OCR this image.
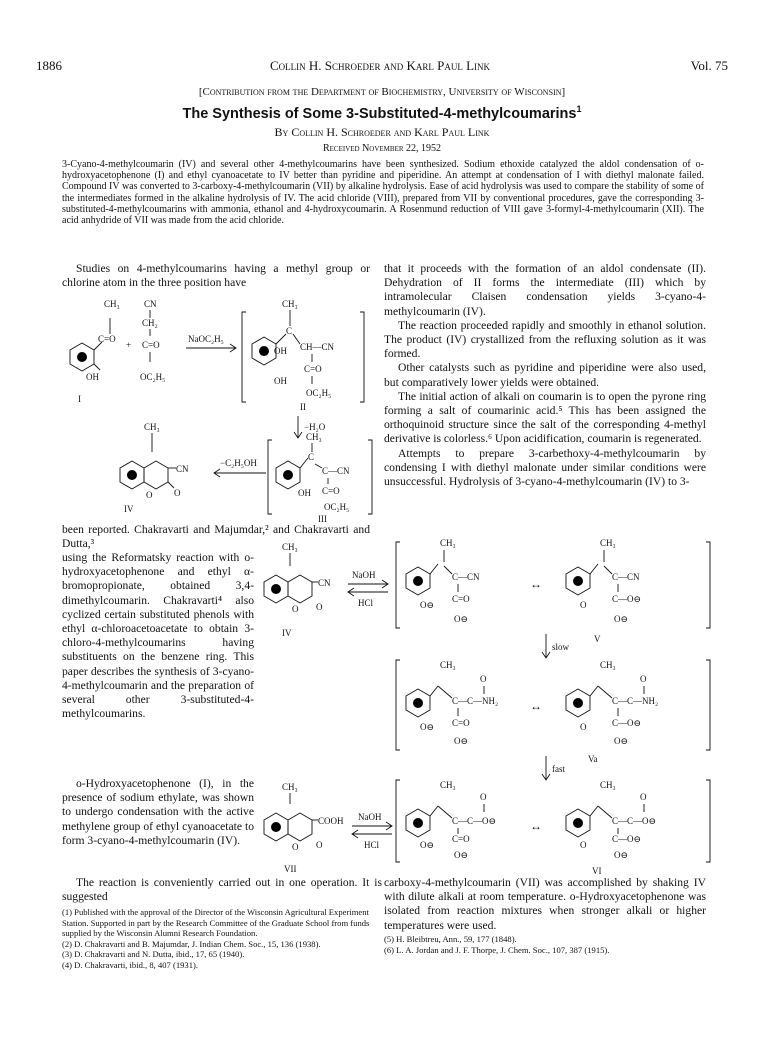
1886	Collin H. Schroeder and Karl Paul Link	Vol. 75
[Contribution from the Department of Biochemistry, University of Wisconsin]
The Synthesis of Some 3-Substituted-4-methylcoumarins$^1$
By Collin H. Schroeder and Karl Paul Link
Received November 22, 1952
3-Cyano-4-methylcoumarin (IV) and several other 4-methylcoumarins have been synthesized. Sodium ethoxide catalyzed the aldol condensation of o-hydroxyacetophenone (I) and ethyl cyanoacetate to IV better than pyridine and piperidine. An attempt at condensation of I with diethyl malonate failed. Compound IV was converted to 3-carboxy-4-methylcoumarin (VII) by alkaline hydrolysis. Ease of acid hydrolysis was used to compare the stability of some of the intermediates formed in the alkaline hydrolysis of IV. The acid chloride (VIII), prepared from VII by conventional procedures, gave the corresponding 3-substituted-4-methylcoumarins with ammonia, ethanol and 4-hydroxycoumarin. A Rosenmund reduction of VIII gave 3-formyl-4-methylcoumarin (XII). The acid anhydride of VII was made from the acid chloride.

Studies on 4-methylcoumarins having a methyl group or chlorine atom in the three position have

CH₃
C=O
OH
I
CN
CH₂
+ C=O
OC₂H₅
NaOC₂H₅
CH₃
C
CH—CN
OH
C=O
OH
OC₂H₅
II
−H₂O
CH₃
C
C—CN
C=O
OH
OC₂H₅
III
−C₂H₅OH
CH₃
CN
O O
IV

been reported. Chakravarti and Majumdar,² and Chakravarti and Dutta,³

using the Reformatsky reaction with o-hydroxyacetophenone and ethyl α-bromopropionate, obtained 3,4-dimethylcoumarin. Chakravarti⁴ also cyclized certain substituted phenols with ethyl α-chloroacetoacetate to obtain 3-chloro-4-methylcoumarins having substituents on the benzene ring. This paper describes the synthesis of 3-cyano-4-methylcoumarin and the preparation of several other 3-substituted-4-methylcoumarins.

o-Hydroxyacetophenone (I), in the presence of sodium ethylate, was shown to undergo condensation with the active methylene group of ethyl cyanoacetate to form 3-cyano-4-methylcoumarin (IV).

The reaction is conveniently carried out in one operation. It is suggested

(1) Published with the approval of the Director of the Wisconsin Agricultural Experiment Station. Supported in part by the Research Committee of the Graduate School from funds supplied by the Wisconsin Alumni Research Foundation.
(2) D. Chakravarti and B. Majumdar, J. Indian Chem. Soc., 15, 136 (1938).
(3) D. Chakravarti and N. Dutta, ibid., 17, 65 (1940).
(4) D. Chakravarti, ibid., 8, 407 (1931).

that it proceeds with the formation of an aldol condensate (II). Dehydration of II forms the intermediate (III) which by intramolecular Claisen condensation yields 3-cyano-4-methylcoumarin (IV).

The reaction proceeded rapidly and smoothly in ethanol solution. The product (IV) crystallized from the refluxing solution as it was formed.

Other catalysts such as pyridine and piperidine were also used, but comparatively lower yields were obtained.

The initial action of alkali on coumarin is to open the pyrone ring forming a salt of coumarinic acid.⁵ This has been assigned the orthoquinoid structure since the salt of the corresponding 4-methyl derivative is colorless.⁶ Upon acidification, coumarin is regenerated.

Attempts to prepare 3-carbethoxy-4-methylcoumarin by condensing I with diethyl malonate under similar conditions were unsuccessful. Hydrolysis of 3-cyano-4-methylcoumarin (IV) to 3-

CH₃
CN
O O
IV
NaOH
HCl
CH₃
C—CN
C=O
O⊖
O⊖
↔
CH₃
C—CN
C—O⊖
O
O⊖
V
slow
CH₃
O
C—C—NH₂
C=O
O⊖
O⊖
↔
CH₃
O
C—C—NH₂
C—O⊖
O
O⊖
Va
fast
CH₃
COOH
O O
VII
NaOH
HCl
CH₃
O
C—C—O⊖
C=O
O⊖
O⊖
↔
CH₃
O
C—C—O⊖
C—O⊖
O
O⊖
VI

carboxy-4-methylcoumarin (VII) was accomplished by shaking IV with dilute alkali at room temperature. o-Hydroxyacetophenone was isolated from reaction mixtures when stronger alkali or higher temperatures were used.

(5) H. Bleibtreu, Ann., 59, 177 (1848).
(6) L. A. Jordan and J. F. Thorpe, J. Chem. Soc., 107, 387 (1915).
